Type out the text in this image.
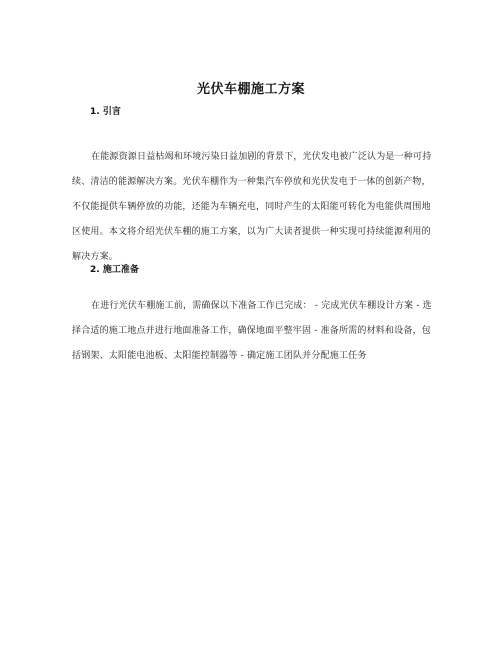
光伏车棚施工方案
1. 引言
在能源资源日益枯竭和环境污染日益加剧的背景下，光伏发电被广泛认为是一种可持续、清洁的能源解决方案。光伏车棚作为一种集汽车停放和光伏发电于一体的创新产物，不仅能提供车辆停放的功能，还能为车辆充电，同时产生的太阳能可转化为电能供周围地区使用。本文将介绍光伏车棚的施工方案，以为广大读者提供一种实现可持续能源利用的解决方案。
2. 施工准备
在进行光伏车棚施工前，需确保以下准备工作已完成： - 完成光伏车棚设计方案 - 选择合适的施工地点并进行地面准备工作，确保地面平整牢固 - 准备所需的材料和设备，包括钢架、太阳能电池板、太阳能控制器等 - 确定施工团队并分配施工任务
